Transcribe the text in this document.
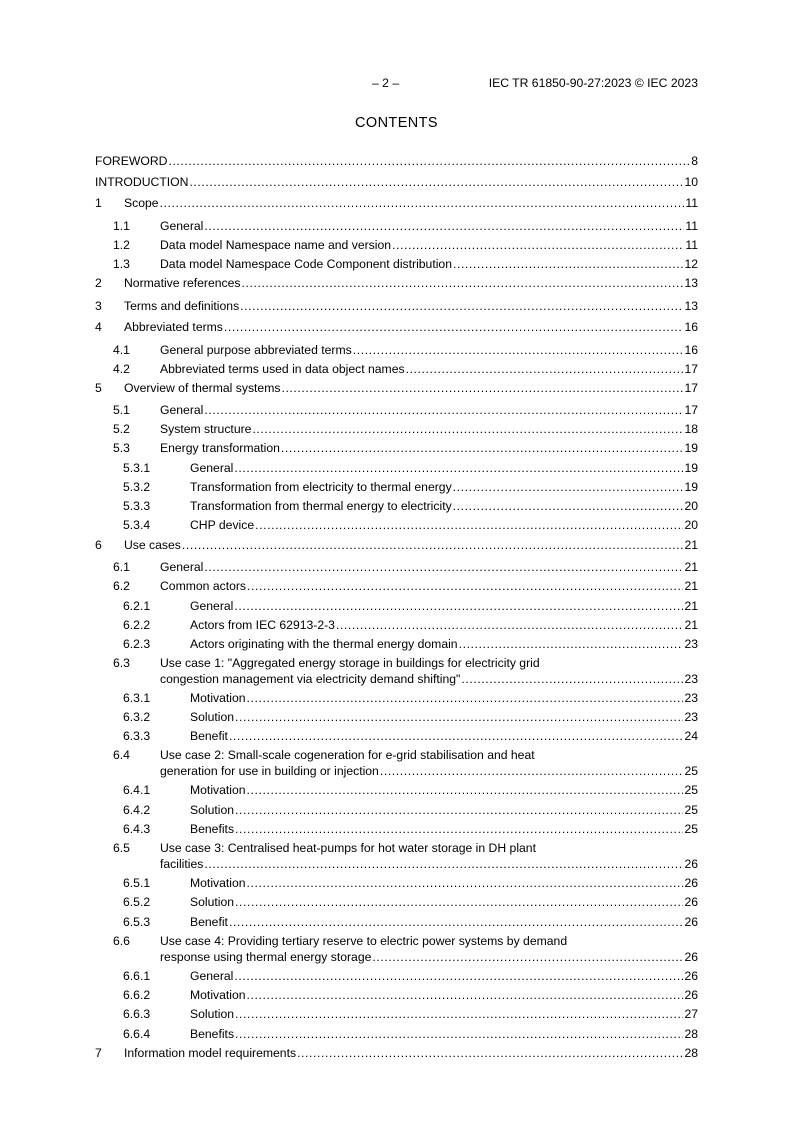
– 2 –	IEC TR 61850-90-27:2023 © IEC 2023
CONTENTS
FOREWORD .....	8
INTRODUCTION .....	10
1 Scope .....	11
1.1 General .....	11
1.2 Data model Namespace name and version .....	11
1.3 Data model Namespace Code Component distribution .....	12
2 Normative references .....	13
3 Terms and definitions .....	13
4 Abbreviated terms .....	16
4.1 General purpose abbreviated terms .....	16
4.2 Abbreviated terms used in data object names .....	17
5 Overview of thermal systems .....	17
5.1 General .....	17
5.2 System structure .....	18
5.3 Energy transformation .....	19
5.3.1	General .....	19
5.3.2	Transformation from electricity to thermal energy .....	19
5.3.3	Transformation from thermal energy to electricity .....	20
5.3.4	CHP device .....	20
6 Use cases .....	21
6.1 General .....	21
6.2 Common actors .....	21
6.2.1	General .....	21
6.2.2	Actors from IEC 62913-2-3 .....	21
6.2.3	Actors originating with the thermal energy domain .....	23
6.3 Use case 1: "Aggregated energy storage in buildings for electricity grid
congestion management via electricity demand shifting" .....	23
6.3.1	Motivation .....	23
6.3.2	Solution .....	23
6.3.3	Benefit .....	24
6.4 Use case 2: Small-scale cogeneration for e-grid stabilisation and heat
generation for use in building or injection .....	25
6.4.1	Motivation .....	25
6.4.2	Solution .....	25
6.4.3	Benefits .....	25
6.5 Use case 3: Centralised heat-pumps for hot water storage in DH plant
facilities .....	26
6.5.1	Motivation .....	26
6.5.2	Solution .....	26
6.5.3	Benefit .....	26
6.6 Use case 4: Providing tertiary reserve to electric power systems by demand
response using thermal energy storage .....	26
6.6.1	General .....	26
6.6.2	Motivation .....	26
6.6.3	Solution .....	27
6.6.4	Benefits .....	28
7 Information model requirements .....	28
